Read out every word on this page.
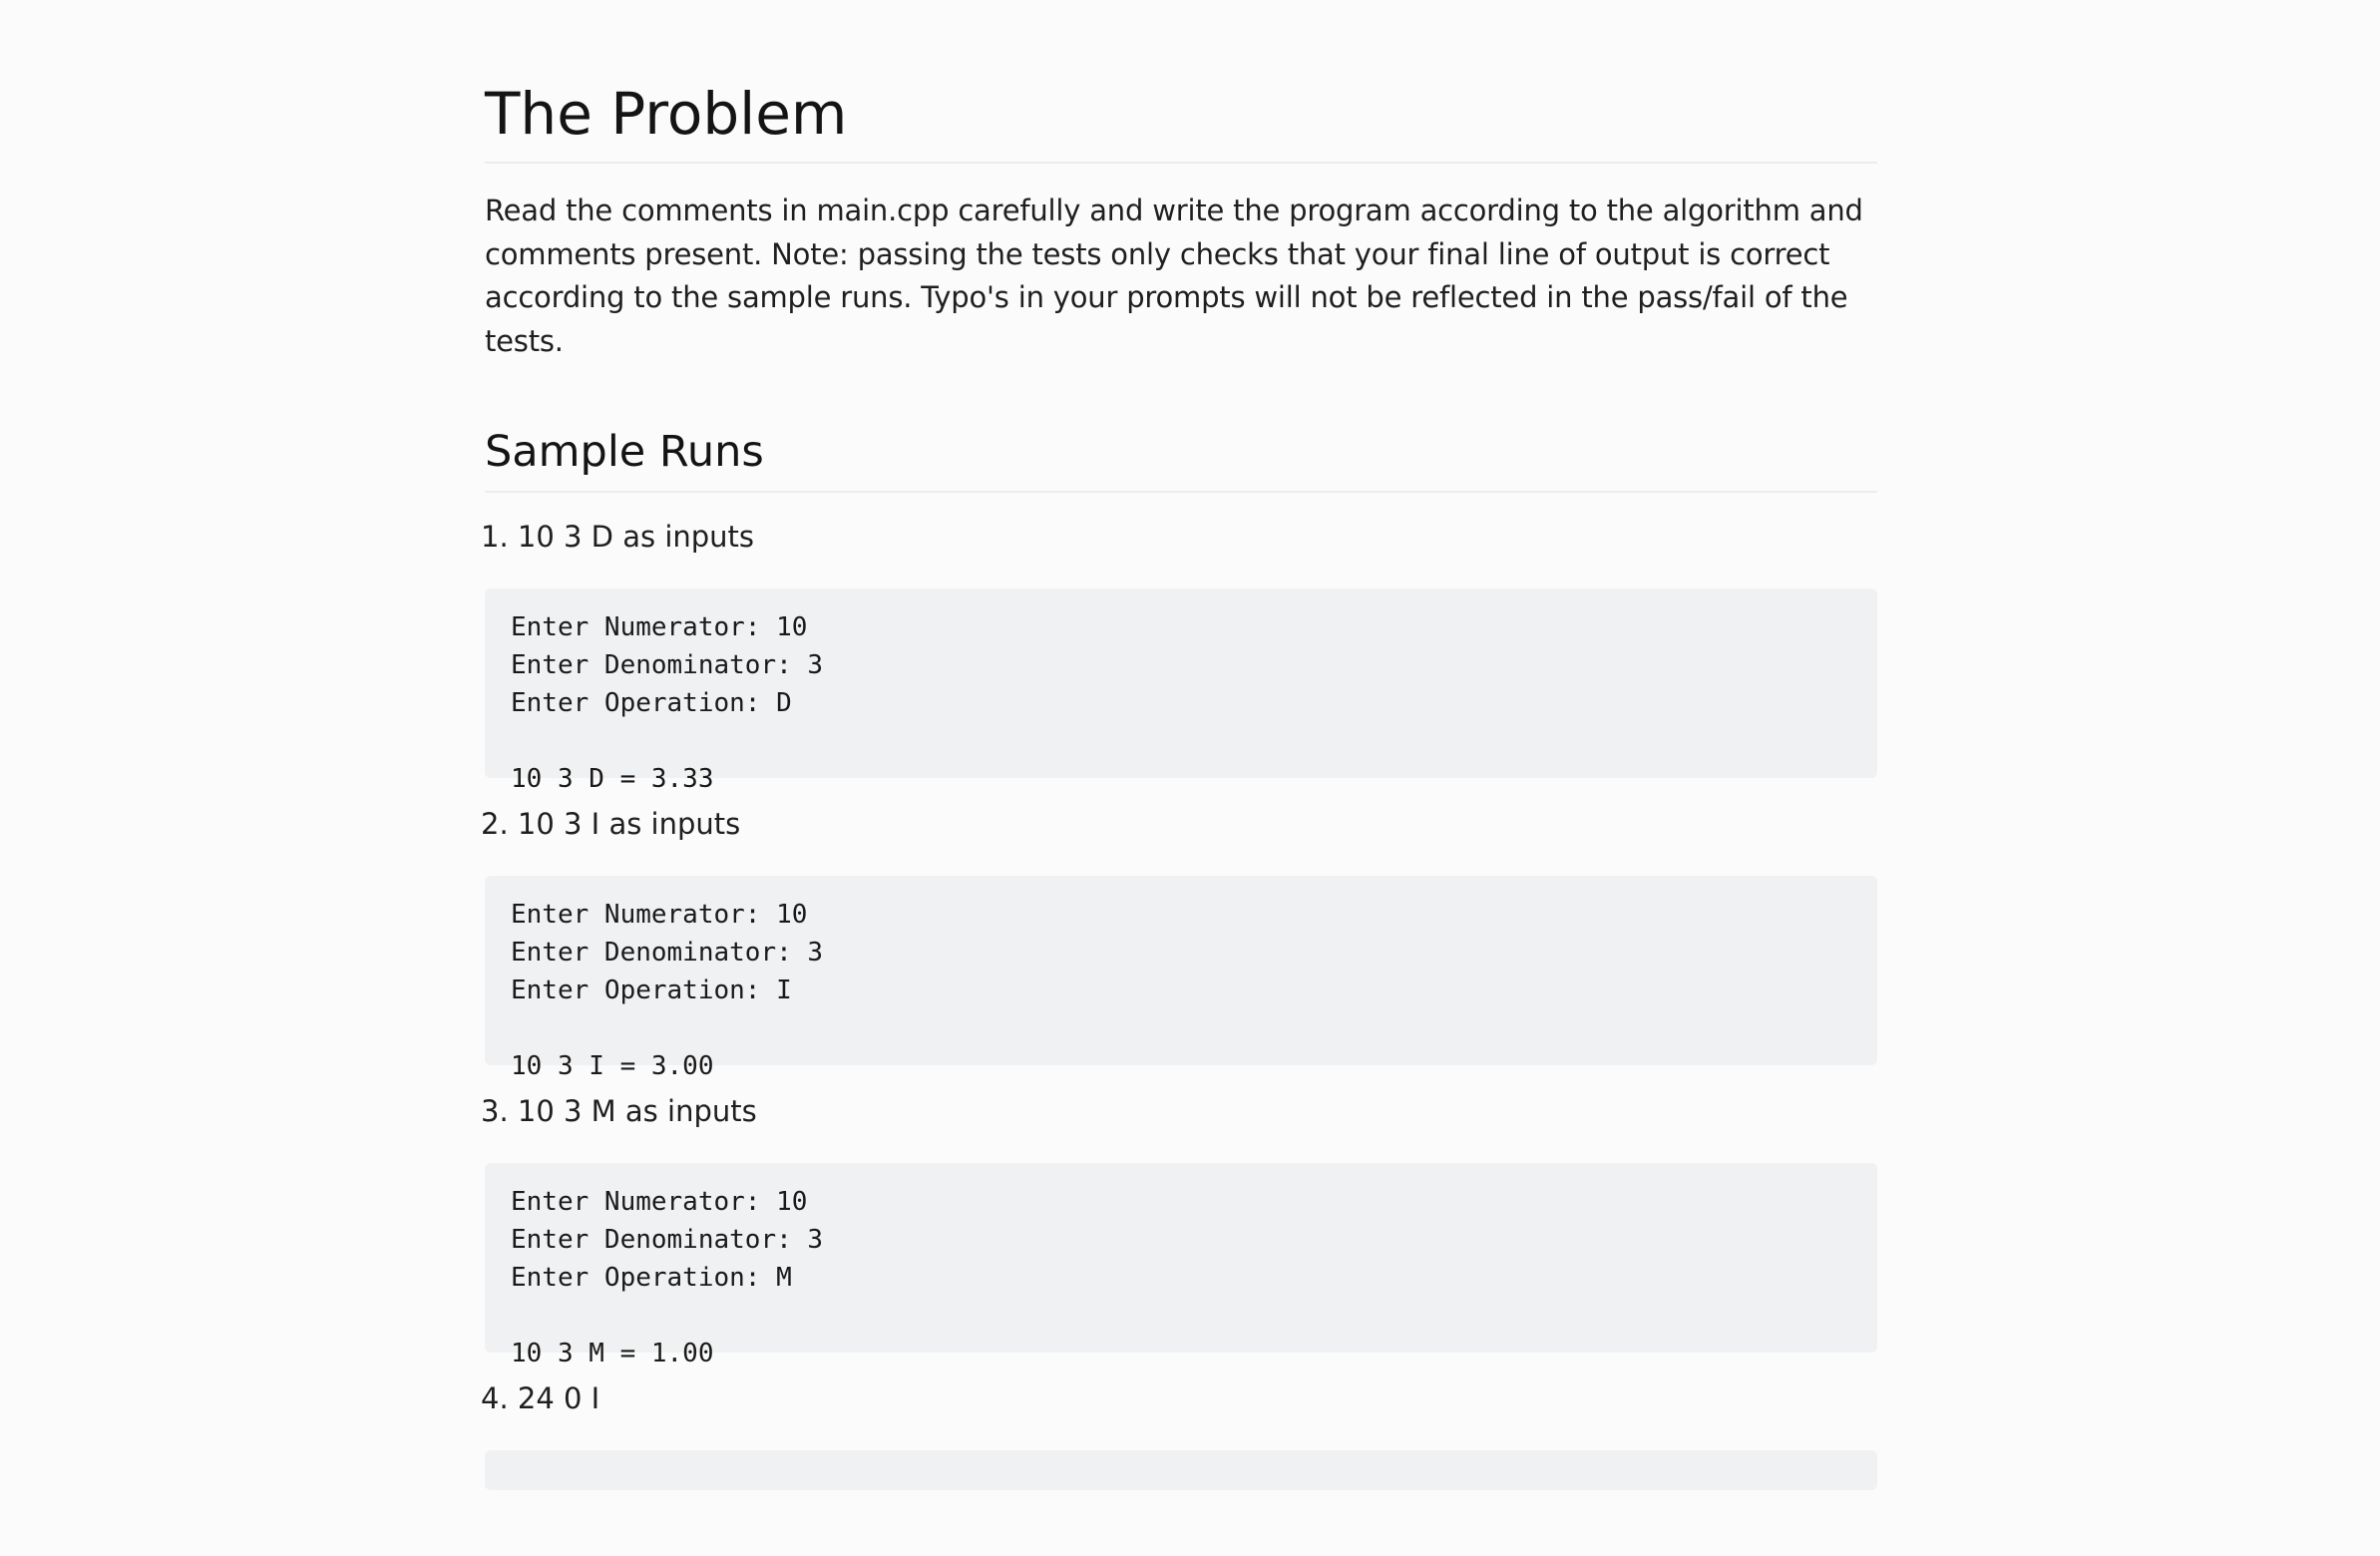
The Problem

Read the comments in main.cpp carefully and write the program according to the algorithm and comments present. Note: passing the tests only checks that your final line of output is correct according to the sample runs. Typo's in your prompts will not be reflected in the pass/fail of the tests.

Sample Runs
1. 10 3 D as inputs
Enter Numerator: 10
Enter Denominator: 3
Enter Operation: D
10 3 D = 3.33
2. 10 3 I as inputs
Enter Numerator: 10
Enter Denominator: 3
Enter Operation: I
10 3 I = 3.00
3. 10 3 M as inputs
Enter Numerator: 10
Enter Denominator: 3
Enter Operation: M
10 3 M = 1.00
4. 24 0 I
